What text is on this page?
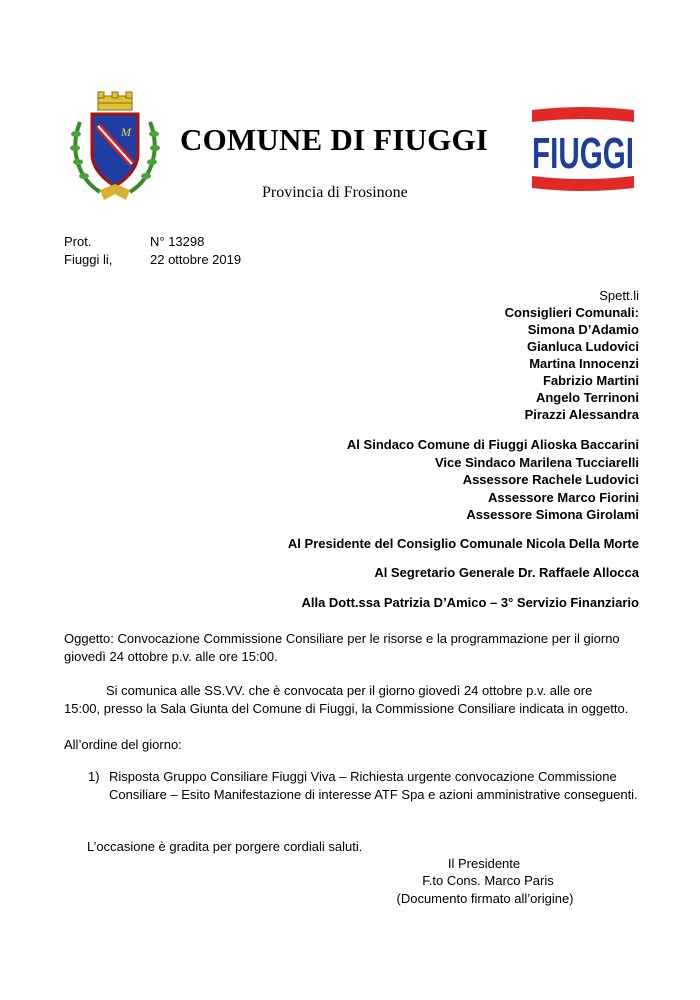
M COMUNE DI FIUGGI
Provincia di Frosinone
FIUGGI
Prot.	N° 13298
Fiuggi li,	22 ottobre 2019
Spett.li
Consiglieri Comunali:
Simona D’Adamio
Gianluca Ludovici
Martina Innocenzi
Fabrizio Martini
Angelo Terrinoni
Pirazzi Alessandra
Al Sindaco Comune di Fiuggi Alioska Baccarini
Vice Sindaco Marilena Tucciarelli
Assessore Rachele Ludovici
Assessore Marco Fiorini
Assessore Simona Girolami
Al Presidente del Consiglio Comunale Nicola Della Morte
Al Segretario Generale Dr. Raffaele Allocca
Alla Dott.ssa Patrizia D’Amico – 3° Servizio Finanziario
Oggetto: Convocazione Commissione Consiliare per le risorse e la programmazione per il giorno
giovedì 24 ottobre p.v. alle ore 15:00.
Si comunica alle SS.VV. che è convocata per il giorno giovedì 24 ottobre p.v. alle ore
15:00, presso la Sala Giunta del Comune di Fiuggi, la Commissione Consiliare indicata in oggetto.
All’ordine del giorno:
1) Risposta Gruppo Consiliare Fiuggi Viva – Richiesta urgente convocazione Commissione
Consiliare – Esito Manifestazione di interesse ATF Spa e azioni amministrative conseguenti.
L’occasione è gradita per porgere cordiali saluti.
Il Presidente
F.to Cons. Marco Paris
(Documento firmato all’origine)
